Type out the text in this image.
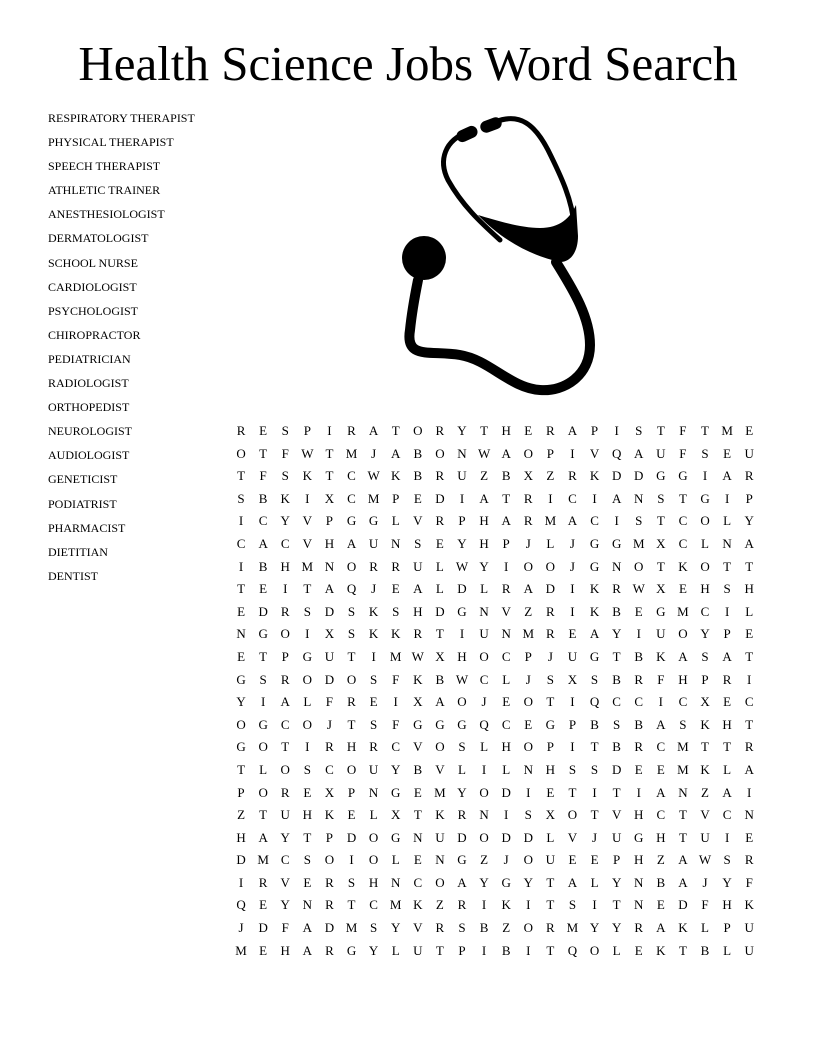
Health Science Jobs Word Search
RESPIRATORY THERAPIST
PHYSICAL THERAPIST
SPEECH THERAPIST
ATHLETIC TRAINER
ANESTHESIOLOGIST
DERMATOLOGIST
SCHOOL NURSE
CARDIOLOGIST
PSYCHOLOGIST
CHIROPRACTOR
PEDIATRICIAN
RADIOLOGIST
ORTHOPEDIST
NEUROLOGIST
AUDIOLOGIST
GENETICIST
PODIATRIST
PHARMACIST
DIETITIAN
DENTIST
R	E	S	P	I	R	A	T	O	R	Y	T	H	E	R	A	P	I	S	T	F	T M E
O	T	F W T M	J	A	B	O N W A O	P	I	V Q A U	F	S	E	U
T	F	S	K	T	C W K	B	R	U	Z	B	X	Z	R	K D D G G	I	A	R
S	B	K	I	X	C M P	E	D	I	A	T	R	I	C	I	A N	S	T	G	I	P
I	C	Y V	P	G G	L	V	R	P	H A	R M A	C	I	S	T	C	O	L	Y
C	A	C	V H A U N	S	E	Y H	P	J	L	J	G G M X	C	L	N A
I	B	H M N O	R	R	U	L W Y	I	O O	J	G N O	T	K O	T	T
T	E	I	T	A Q	J	E	A	L	D	L	R	A D	I	K	R W X	E	H	S	H
E	D	R	S	D	S	K	S	H D G N V	Z	R	I	K	B	E	G M C	I	L
N G O	I	X	S	K K	R	T	I	U N M R	E	A Y	I	U O Y	P	E
E	T	P	G U	T	I	M W X H O	C	P	J	U G	T	B	K A	S	A	T
G	S	R	O D O	S	F	K	B W C	L	J	S	X	S	B	R	F	H	P	R	I
Y	I	A	L	F	R	E	I	X A O	J	E	O	T	I	Q	C	C	I	C	X	E	C
O G	C	O	J	T	S	F	G G G Q	C	E	G	P	B	S	B	A	S	K H	T
G O	T	I	R	H	R	C	V O	S	L	H O	P	I	T	B	R	C M T	T	R
T	L	O	S	C	O U Y	B	V	L	I	L	N H	S	S	D	E	E M K	L	A
P	O	R	E	X	P	N G	E M Y O D	I	E	T	I	T	I	A N	Z	A	I
Z	T	U H K	E	L	X	T	K	R	N	I	S	X O	T	V H	C	T	V	C	N
H A Y	T	P	D O G N U D O D D	L	V	J	U G H	T	U	I	E
D M C	S	O	I	O	L	E	N G	Z	J	O U	E	E	P	H	Z	A W S	R
I	R	V	E	R	S	H N	C	O A Y G Y	T	A	L	Y N	B	A	J	Y	F
Q	E	Y N	R	T	C M K	Z	R	I	K	I	T	S	I	T	N	E	D	F	H K
J	D	F	A D M S	Y V	R	S	B	Z	O	R M Y Y	R	A K	L	P	U
M E	H A	R	G Y	L	U	T	P	I	B	I	T	Q O	L	E	K	T	B	L	U
